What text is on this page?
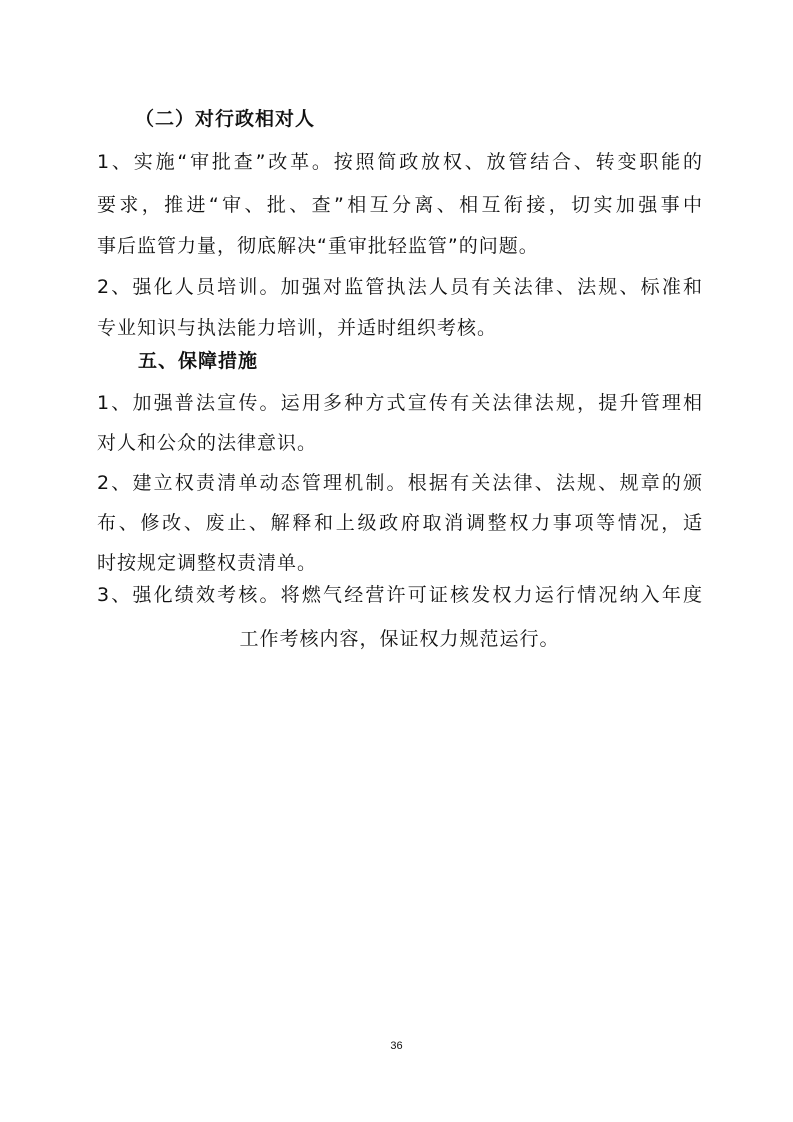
（二）对行政相对人
1、实施“审批查”改革。按照简政放权、放管结合、转变职能的
要求，推进“审、批、查”相互分离、相互衔接，切实加强事中
事后监管力量，彻底解决“重审批轻监管”的问题。
2、强化人员培训。加强对监管执法人员有关法律、法规、标准和
专业知识与执法能力培训，并适时组织考核。
五、保障措施
1、加强普法宣传。运用多种方式宣传有关法律法规，提升管理相
对人和公众的法律意识。
2、建立权责清单动态管理机制。根据有关法律、法规、规章的颁
布、修改、废止、解释和上级政府取消调整权力事项等情况，适
时按规定调整权责清单。
3、强化绩效考核。将燃气经营许可证核发权力运行情况纳入年度
工作考核内容，保证权力规范运行。
36
